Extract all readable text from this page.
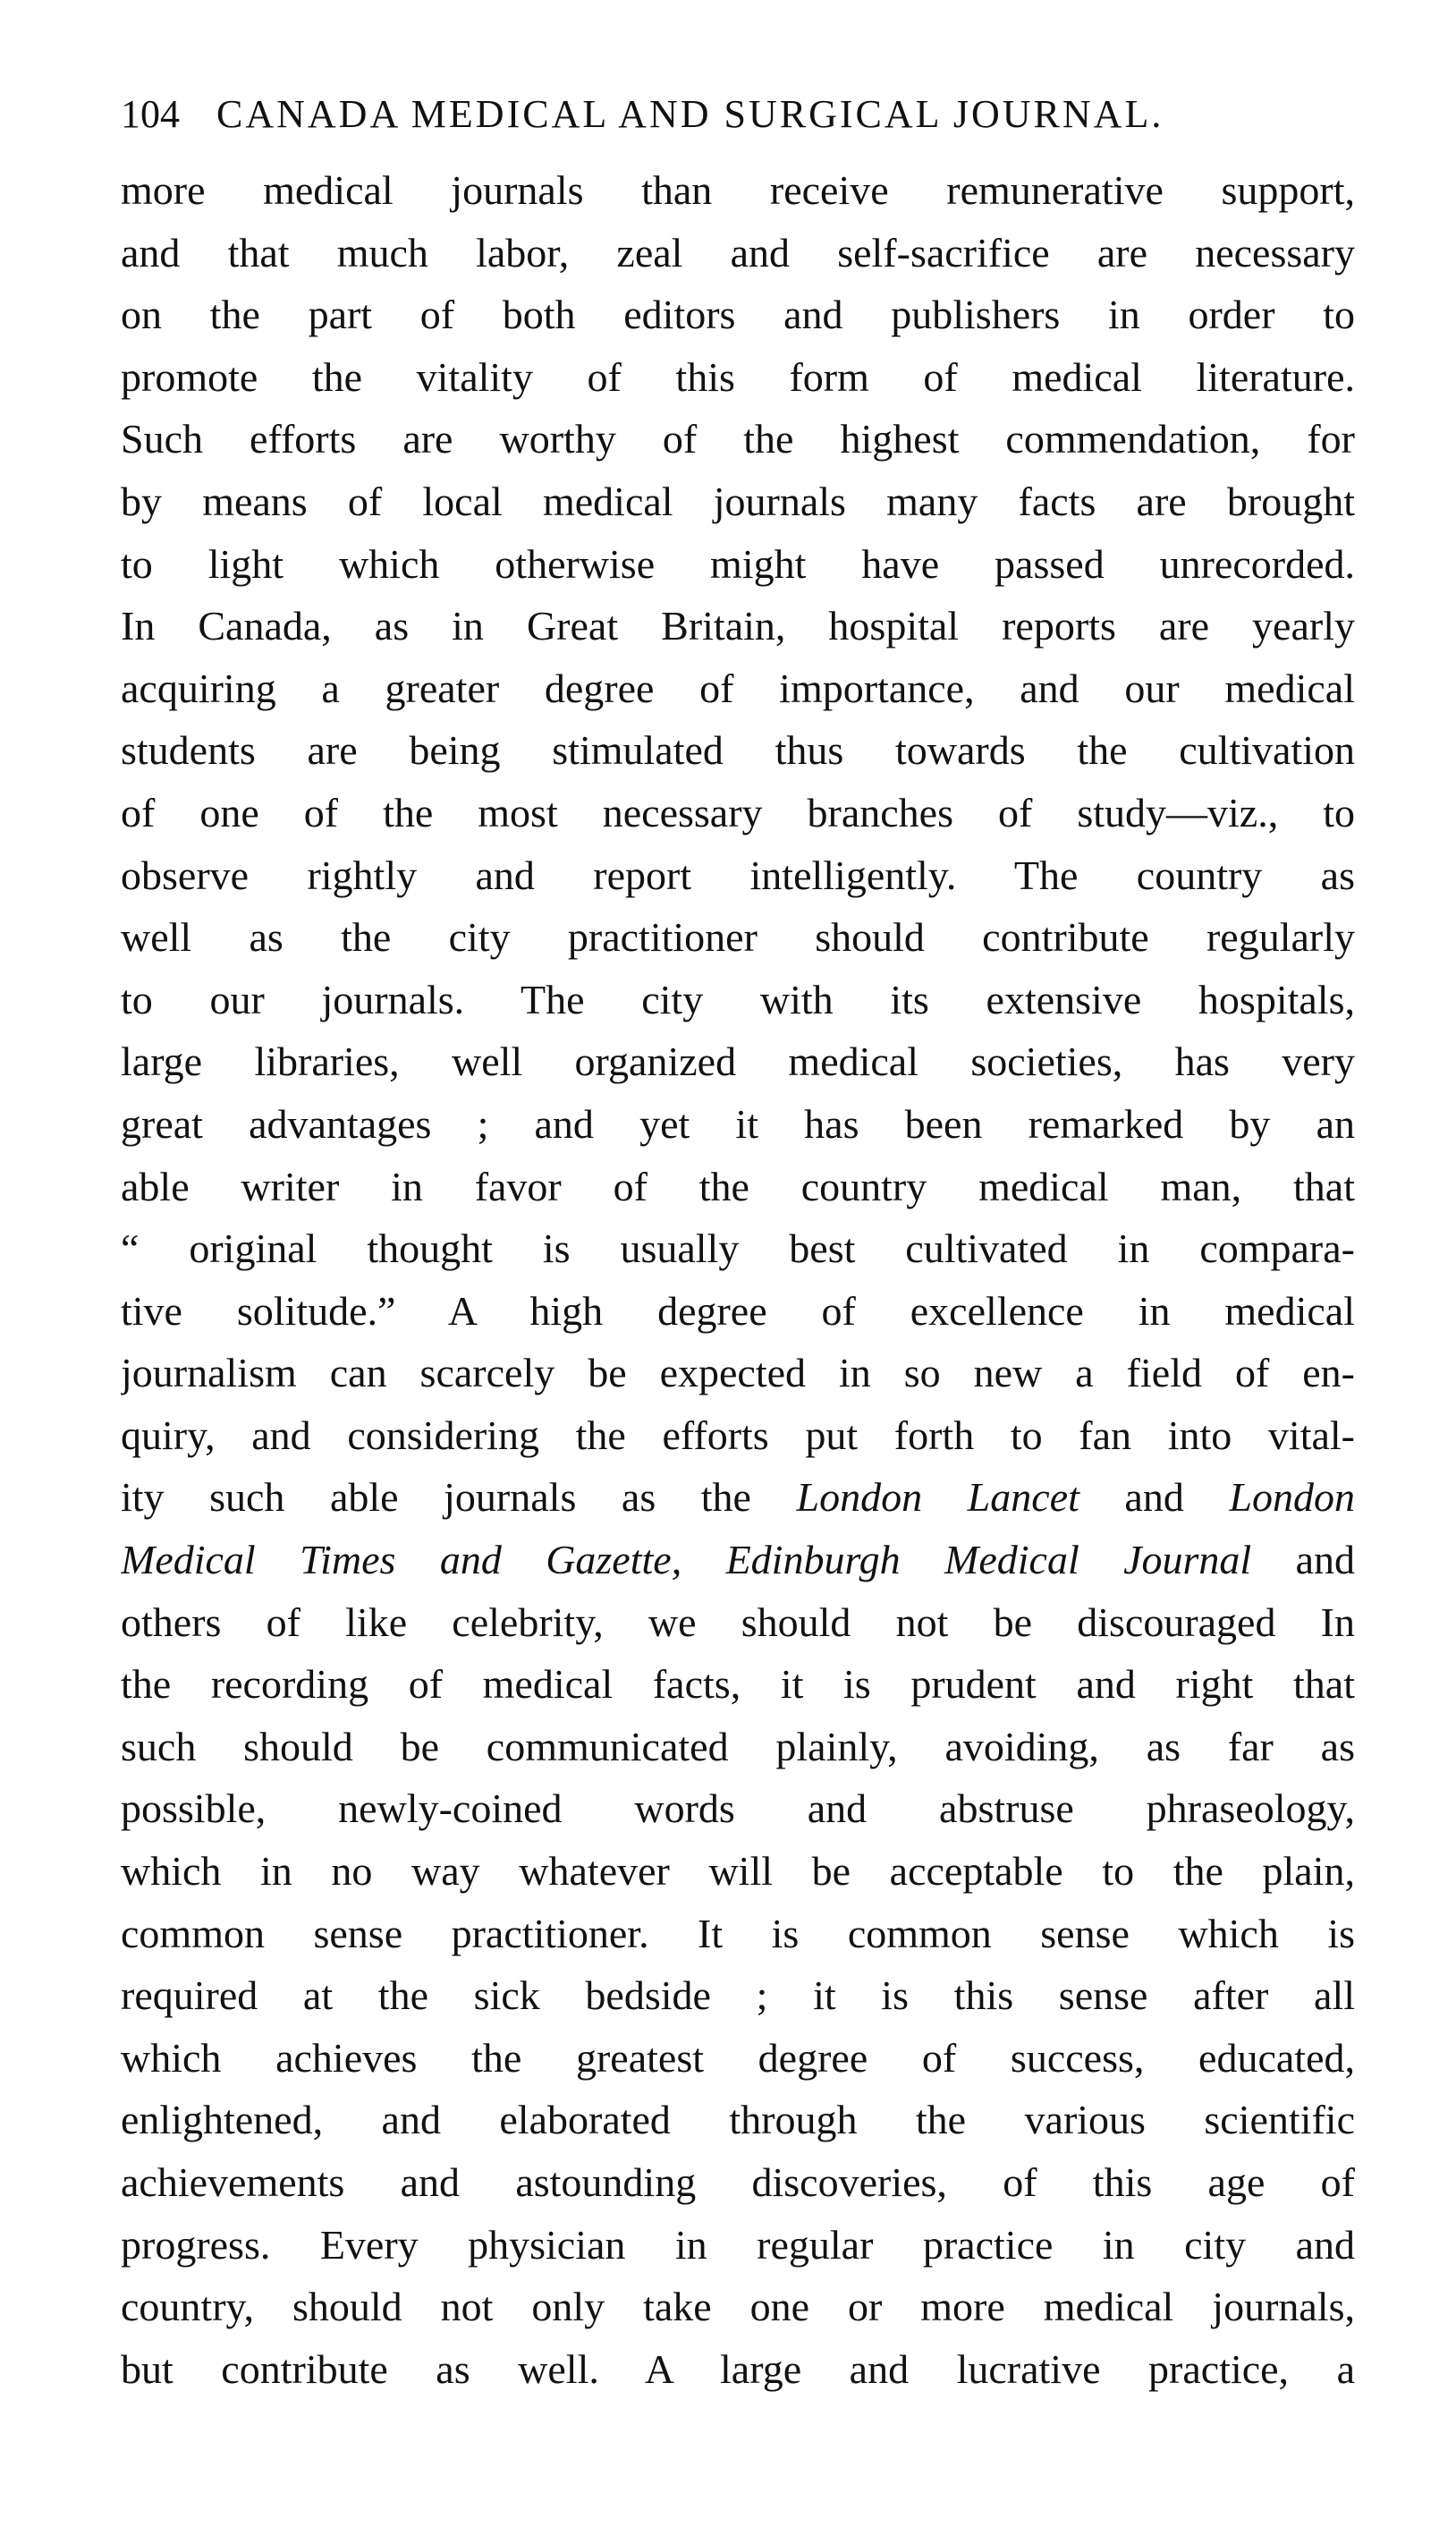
104 CANADA MEDICAL AND SURGICAL JOURNAL.
more medical journals than receive remunerative support,
and that much labor, zeal and self-sacrifice are necessary
on the part of both editors and publishers in order to
promote the vitality of this form of medical literature.
Such efforts are worthy of the highest commendation, for
by means of local medical journals many facts are brought
to light which otherwise might have passed unrecorded.
In Canada, as in Great Britain, hospital reports are yearly
acquiring a greater degree of importance, and our medical
students are being stimulated thus towards the cultivation
of one of the most necessary branches of study—viz., to
observe rightly and report intelligently. The country as
well as the city practitioner should contribute regularly
to our journals. The city with its extensive hospitals,
large libraries, well organized medical societies, has very
great advantages ; and yet it has been remarked by an
able writer in favor of the country medical man, that
“ original thought is usually best cultivated in compara-
tive solitude.” A high degree of excellence in medical
journalism can scarcely be expected in so new a field of en-
quiry, and considering the efforts put forth to fan into vital-
ity such able journals as the London Lancet and London
Medical Times and Gazette, Edinburgh Medical Journal and
others of like celebrity, we should not be discouraged In
the recording of medical facts, it is prudent and right that
such should be communicated plainly, avoiding, as far as
possible, newly-coined words and abstruse phraseology,
which in no way whatever will be acceptable to the plain,
common sense practitioner. It is common sense which is
required at the sick bedside ; it is this sense after all
which achieves the greatest degree of success, educated,
enlightened, and elaborated through the various scientific
achievements and astounding discoveries, of this age of
progress. Every physician in regular practice in city and
country, should not only take one or more medical journals,
but contribute as well. A large and lucrative practice, a
